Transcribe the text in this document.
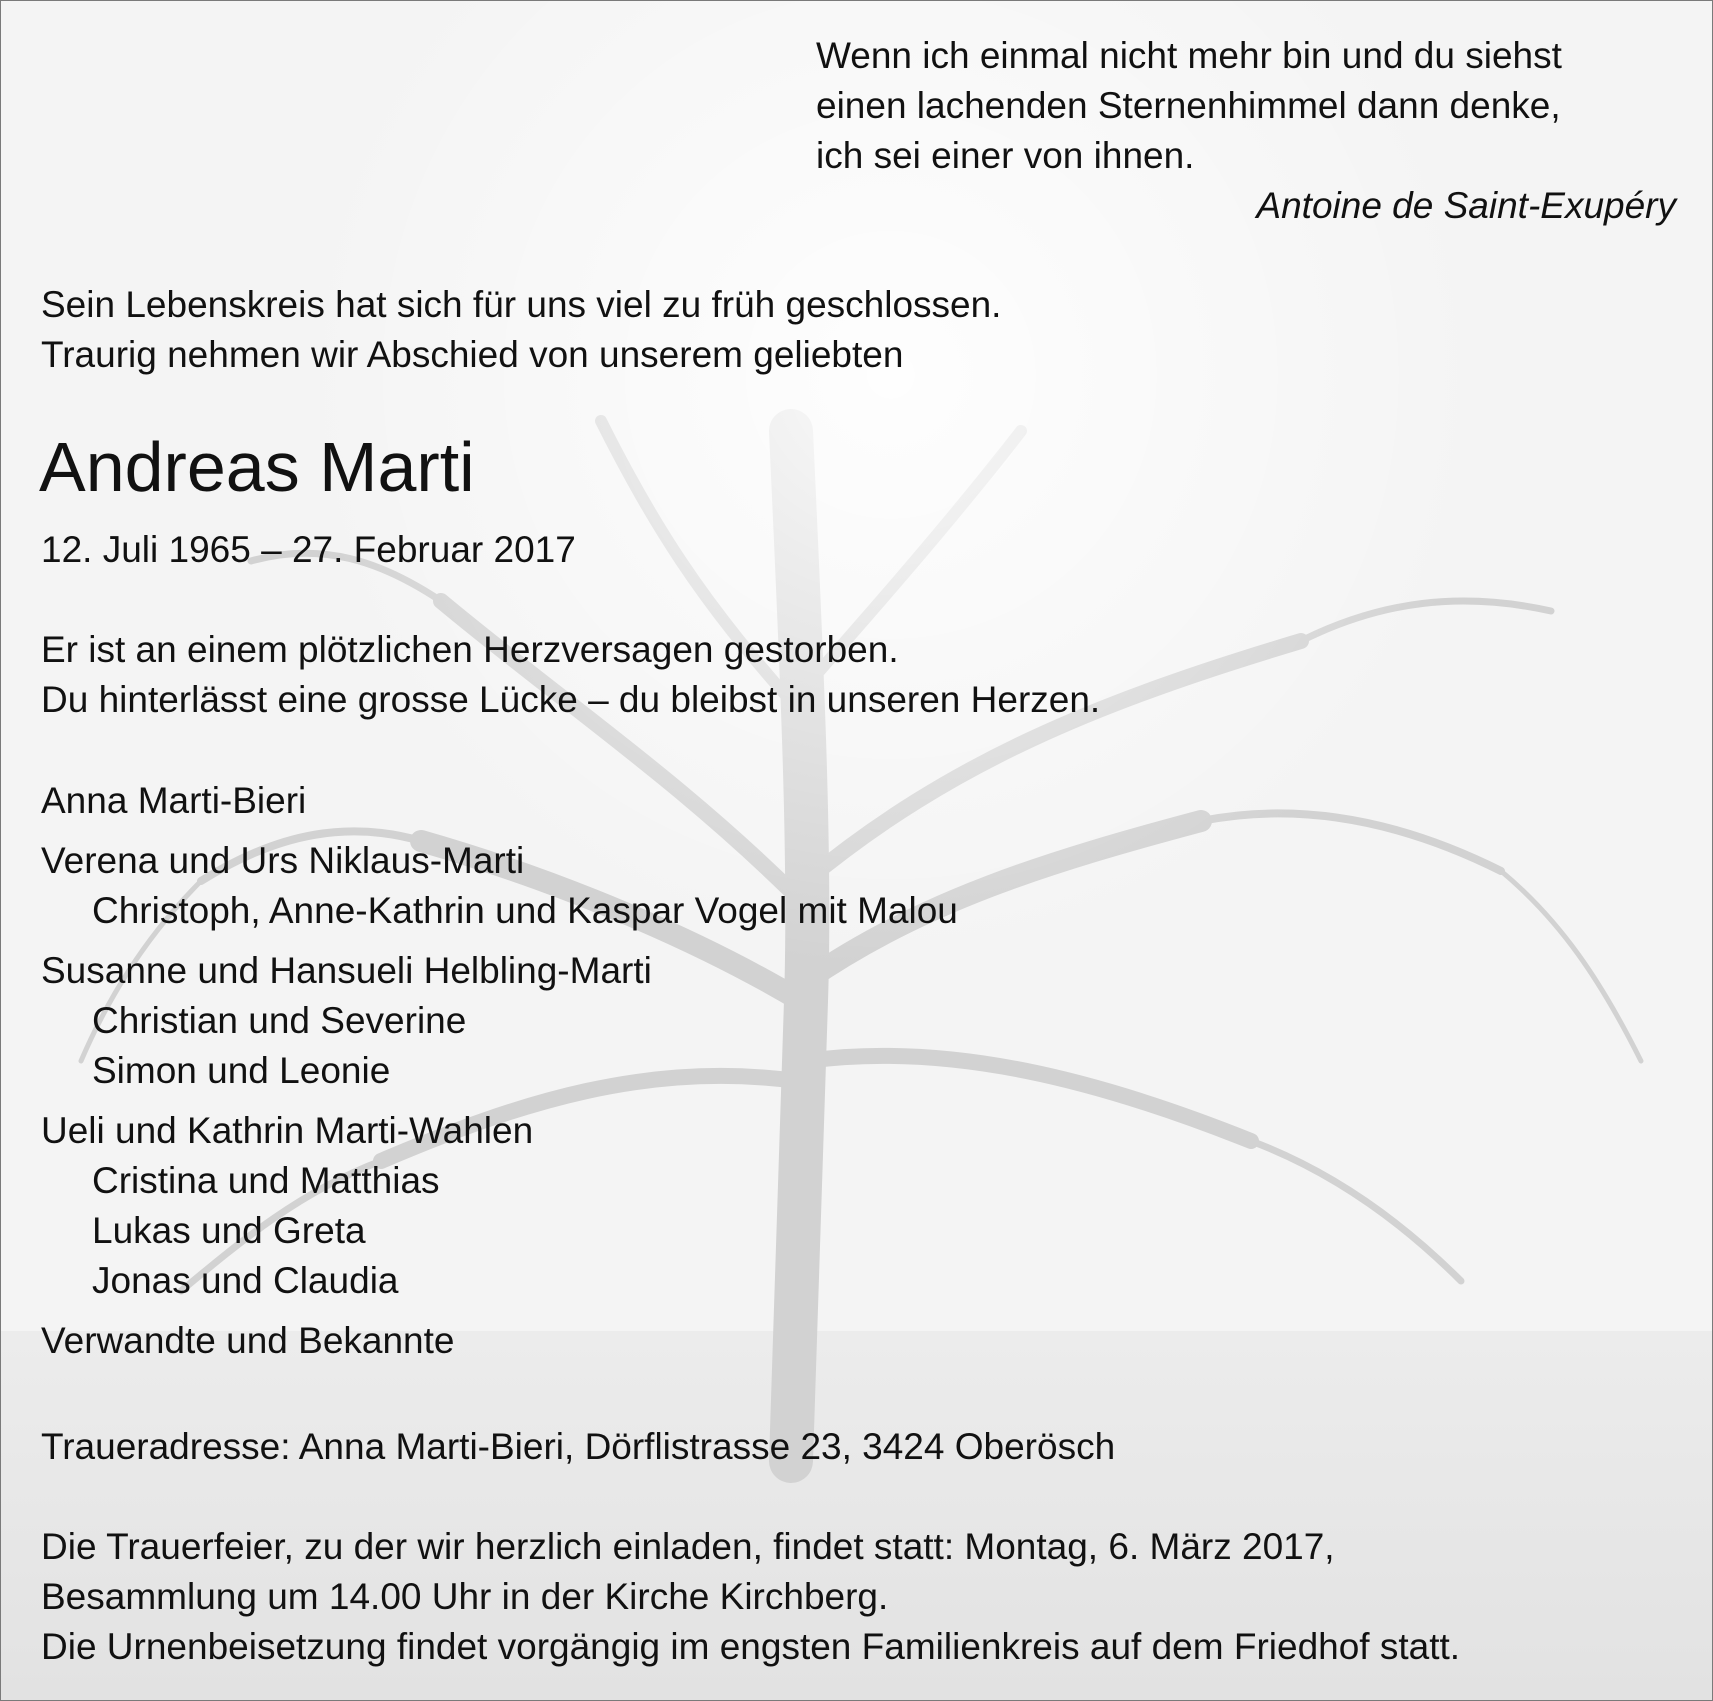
Wenn ich einmal nicht mehr bin und du siehst
einen lachenden Sternenhimmel dann denke,
ich sei einer von ihnen.
Antoine de Saint-Exupéry
Sein Lebenskreis hat sich für uns viel zu früh geschlossen.
Traurig nehmen wir Abschied von unserem geliebten
Andreas Marti
12. Juli 1965 – 27. Februar 2017
Er ist an einem plötzlichen Herzversagen gestorben.
Du hinterlässt eine grosse Lücke – du bleibst in unseren Herzen.
Anna Marti-Bieri
Verena und Urs Niklaus-Marti
Christoph, Anne-Kathrin und Kaspar Vogel mit Malou
Susanne und Hansueli Helbling-Marti
Christian und Severine
Simon und Leonie
Ueli und Kathrin Marti-Wahlen
Cristina und Matthias
Lukas und Greta
Jonas und Claudia
Verwandte und Bekannte
Traueradresse: Anna Marti-Bieri, Dörflistrasse 23, 3424 Oberösch
Die Trauerfeier, zu der wir herzlich einladen, findet statt: Montag, 6. März 2017,
Besammlung um 14.00 Uhr in der Kirche Kirchberg.
Die Urnenbeisetzung findet vorgängig im engsten Familienkreis auf dem Friedhof statt.
